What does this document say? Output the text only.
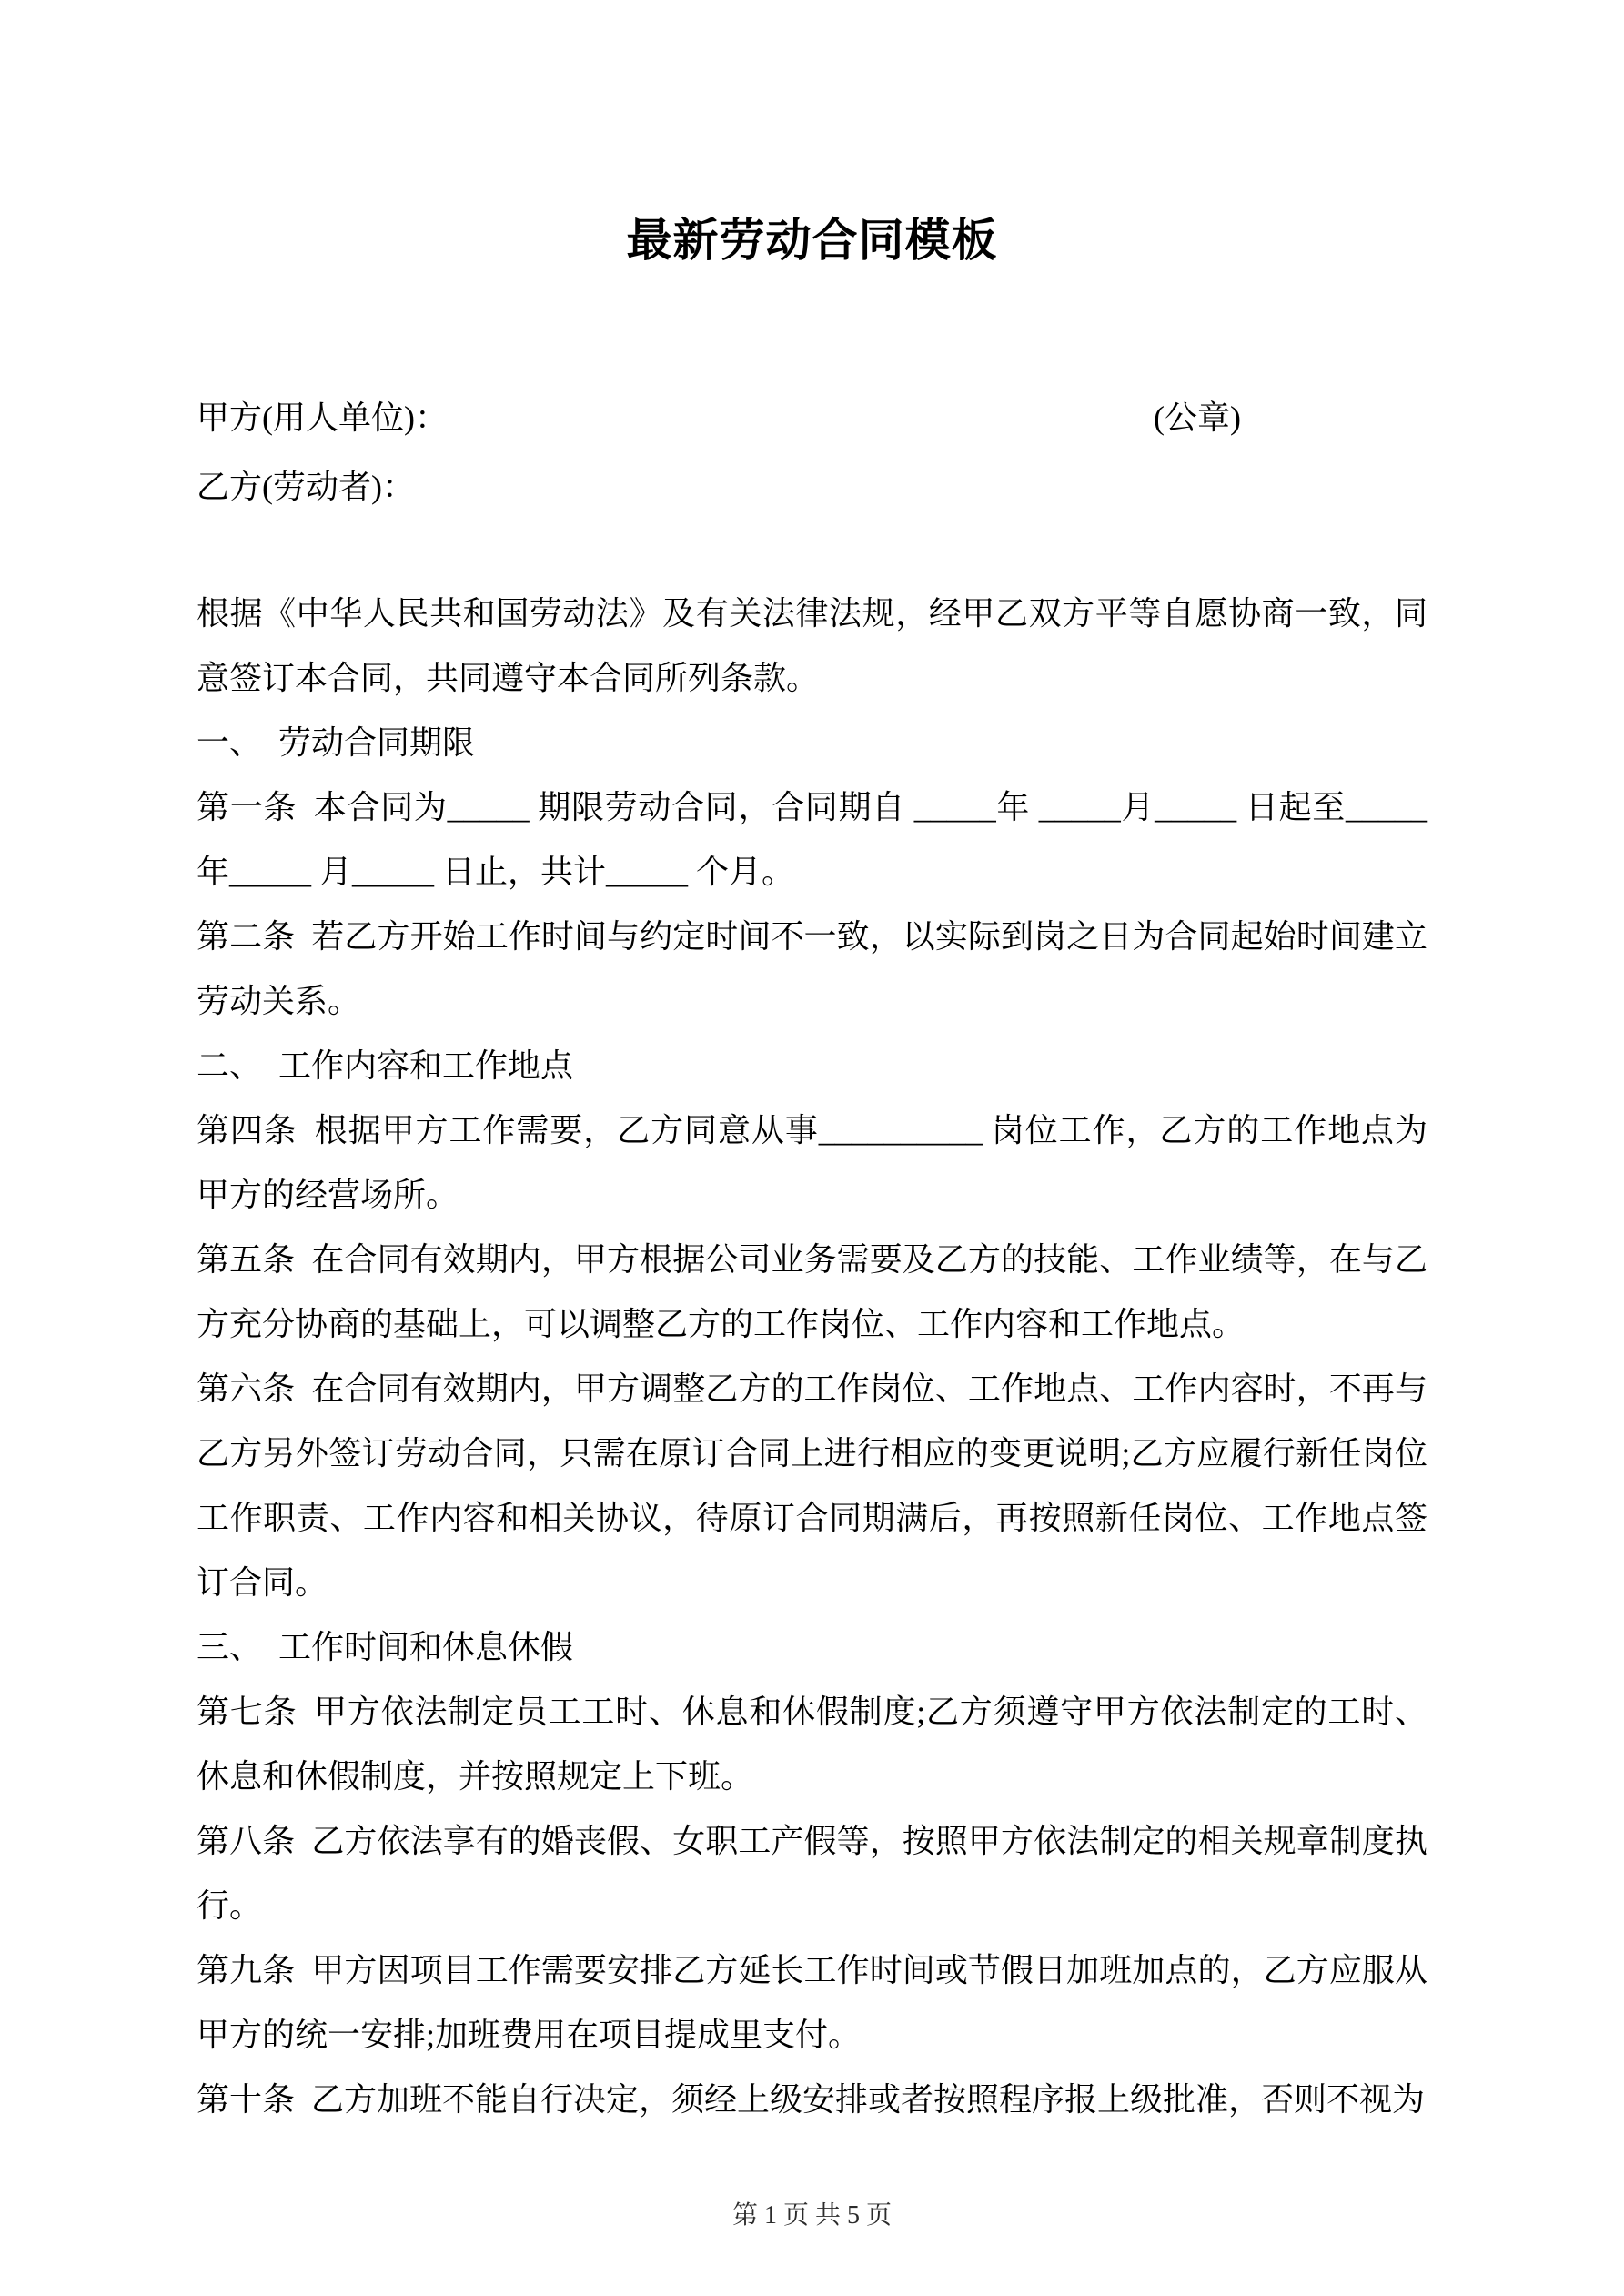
最新劳动合同模板
甲方(用人单位)：	(公章)
乙方(劳动者)：

根据《中华人民共和国劳动法》及有关法律法规，经甲乙双方平等自愿协商一致，同意签订本合同，共同遵守本合同所列条款。

一、　劳动合同期限

第一条 本合同为_____ 期限劳动合同，合同期自 _____年 _____月_____ 日起至_____年_____ 月_____ 日止，共计_____ 个月。

第二条 若乙方开始工作时间与约定时间不一致，以实际到岗之日为合同起始时间建立劳动关系。

二、　工作内容和工作地点

第四条 根据甲方工作需要，乙方同意从事__________ 岗位工作，乙方的工作地点为甲方的经营场所。

第五条 在合同有效期内，甲方根据公司业务需要及乙方的技能、工作业绩等，在与乙方充分协商的基础上，可以调整乙方的工作岗位、工作内容和工作地点。

第六条 在合同有效期内，甲方调整乙方的工作岗位、工作地点、工作内容时，不再与乙方另外签订劳动合同，只需在原订合同上进行相应的变更说明;乙方应履行新任岗位工作职责、工作内容和相关协议，待原订合同期满后，再按照新任岗位、工作地点签订合同。

三、　工作时间和休息休假

第七条 甲方依法制定员工工时、休息和休假制度;乙方须遵守甲方依法制定的工时、休息和休假制度，并按照规定上下班。

第八条 乙方依法享有的婚丧假、女职工产假等，按照甲方依法制定的相关规章制度执行。

第九条 甲方因项目工作需要安排乙方延长工作时间或节假日加班加点的，乙方应服从甲方的统一安排;加班费用在项目提成里支付。

第十条 乙方加班不能自行决定，须经上级安排或者按照程序报上级批准，否则不视为

第 1 页 共 5 页
